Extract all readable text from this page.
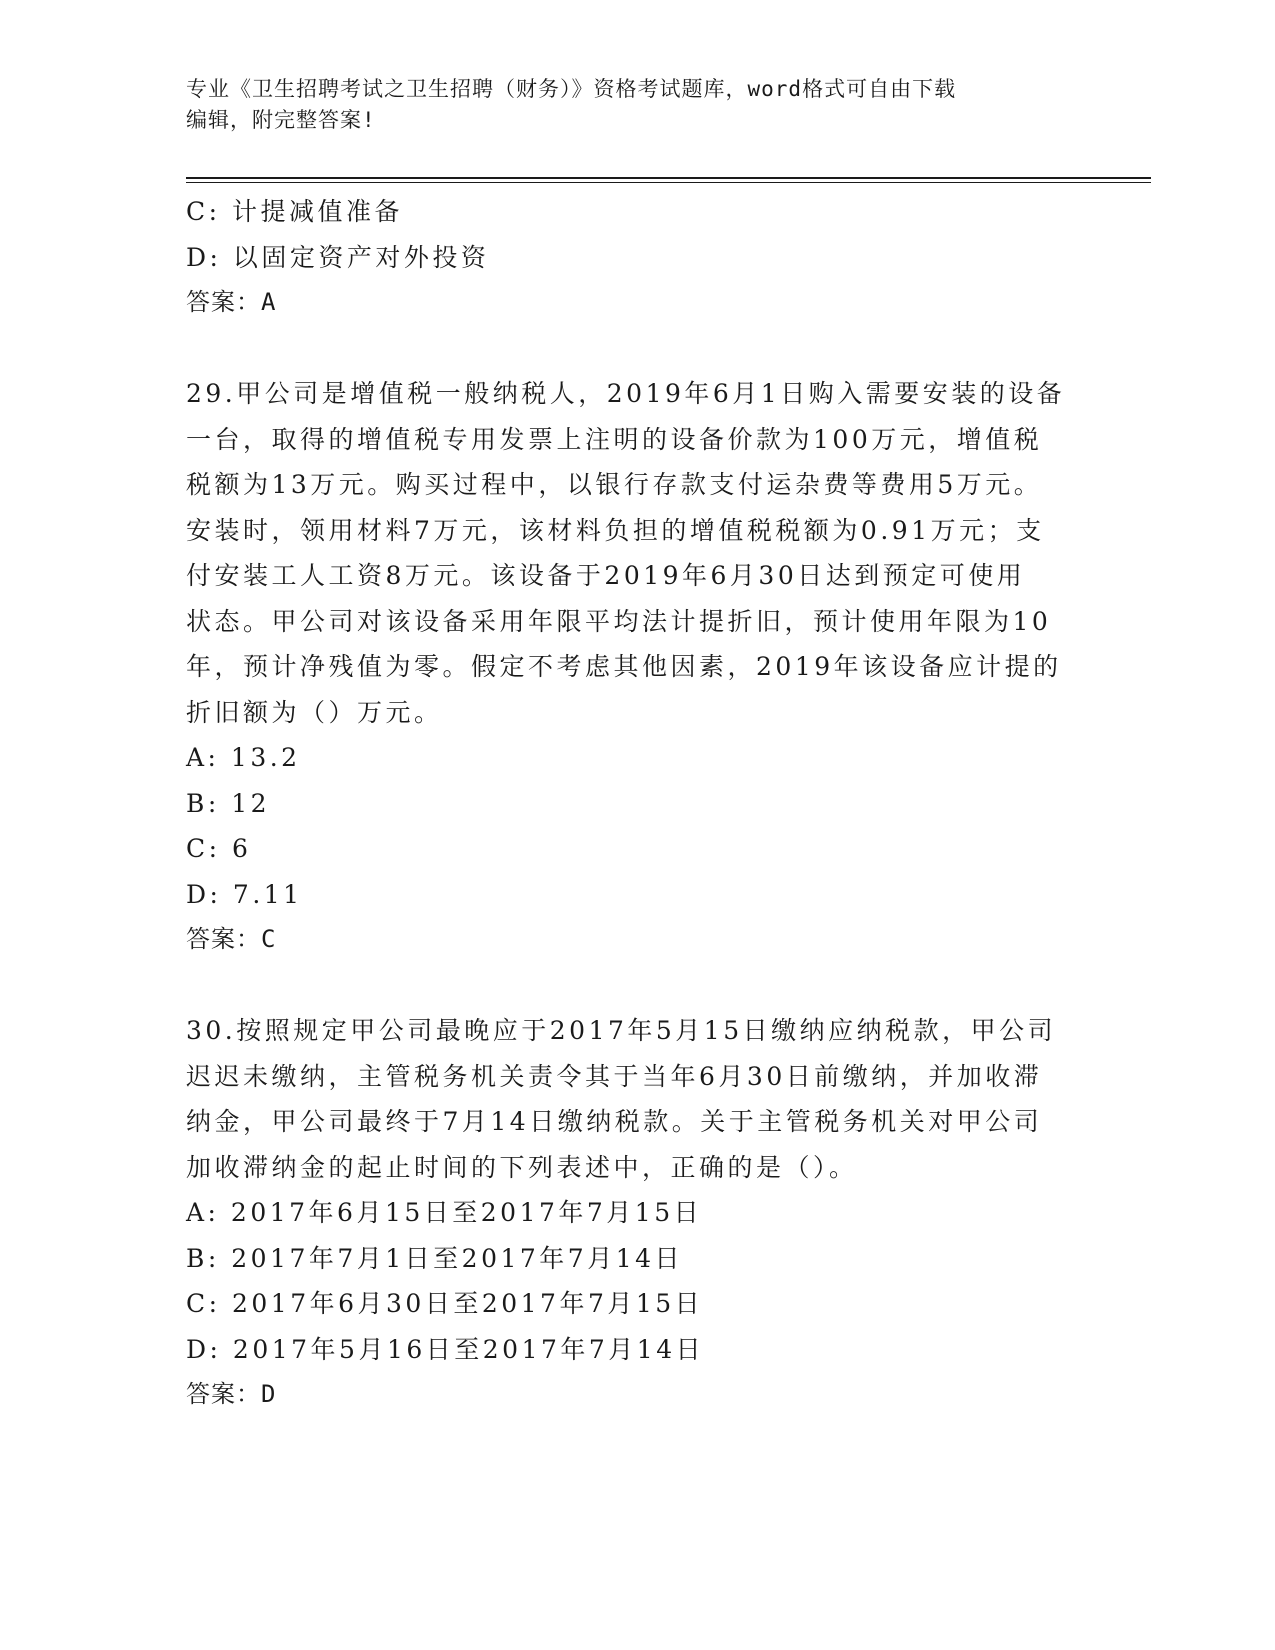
专业《卫生招聘考试之卫生招聘（财务）》资格考试题库，word格式可自由下载
编辑，附完整答案!
C: 计提减值准备
D: 以固定资产对外投资
答案：A
29.甲公司是增值税一般纳税人，2019年6月1日购入需要安装的设备
一台，取得的增值税专用发票上注明的设备价款为100万元，增值税
税额为13万元。购买过程中，以银行存款支付运杂费等费用5万元。
安装时，领用材料7万元，该材料负担的增值税税额为0.91万元；支
付安装工人工资8万元。该设备于2019年6月30日达到预定可使用
状态。甲公司对该设备采用年限平均法计提折旧，预计使用年限为10
年，预计净残值为零。假定不考虑其他因素，2019年该设备应计提的
折旧额为（）万元。
A: 13.2
B: 12
C: 6
D: 7.11
答案：C
30.按照规定甲公司最晚应于2017年5月15日缴纳应纳税款，甲公司
迟迟未缴纳，主管税务机关责令其于当年6月30日前缴纳，并加收滞
纳金，甲公司最终于7月14日缴纳税款。关于主管税务机关对甲公司
加收滞纳金的起止时间的下列表述中，正确的是（）。
A: 2017年6月15日至2017年7月15日
B: 2017年7月1日至2017年7月14日
C: 2017年6月30日至2017年7月15日
D: 2017年5月16日至2017年7月14日
答案：D
